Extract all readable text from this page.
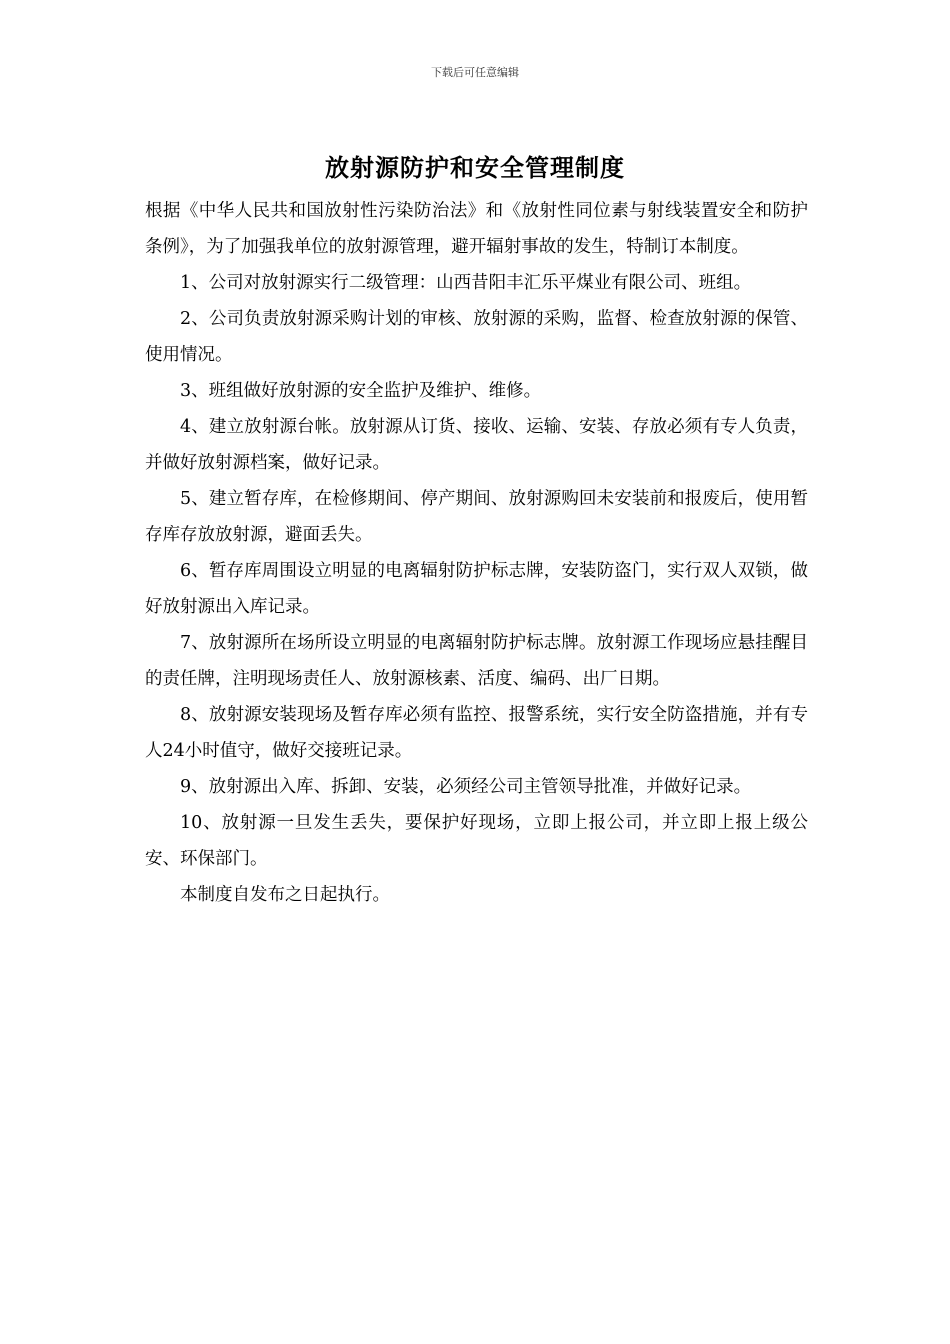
下载后可任意编辑
放射源防护和安全管理制度

根据《中华人民共和国放射性污染防治法》和《放射性同位素与射线装置安全和防护条例》，为了加强我单位的放射源管理，避开辐射事故的发生，特制订本制度。

1、公司对放射源实行二级管理：山西昔阳丰汇乐平煤业有限公司、班组。

2、公司负责放射源采购计划的审核、放射源的采购，监督、检查放射源的保管、使用情况。

3、班组做好放射源的安全监护及维护、维修。

4、建立放射源台帐。放射源从订货、接收、运输、安装、存放必须有专人负责，并做好放射源档案，做好记录。

5、建立暂存库，在检修期间、停产期间、放射源购回未安装前和报废后，使用暂存库存放放射源，避面丢失。

6、暂存库周围设立明显的电离辐射防护标志牌，安装防盗门，实行双人双锁，做好放射源出入库记录。

7、放射源所在场所设立明显的电离辐射防护标志牌。放射源工作现场应悬挂醒目的责任牌，注明现场责任人、放射源核素、活度、编码、出厂日期。

8、放射源安装现场及暂存库必须有监控、报警系统，实行安全防盗措施，并有专人24小时值守，做好交接班记录。

9、放射源出入库、拆卸、安装，必须经公司主管领导批准，并做好记录。

10、放射源一旦发生丢失，要保护好现场，立即上报公司，并立即上报上级公安、环保部门。

本制度自发布之日起执行。
